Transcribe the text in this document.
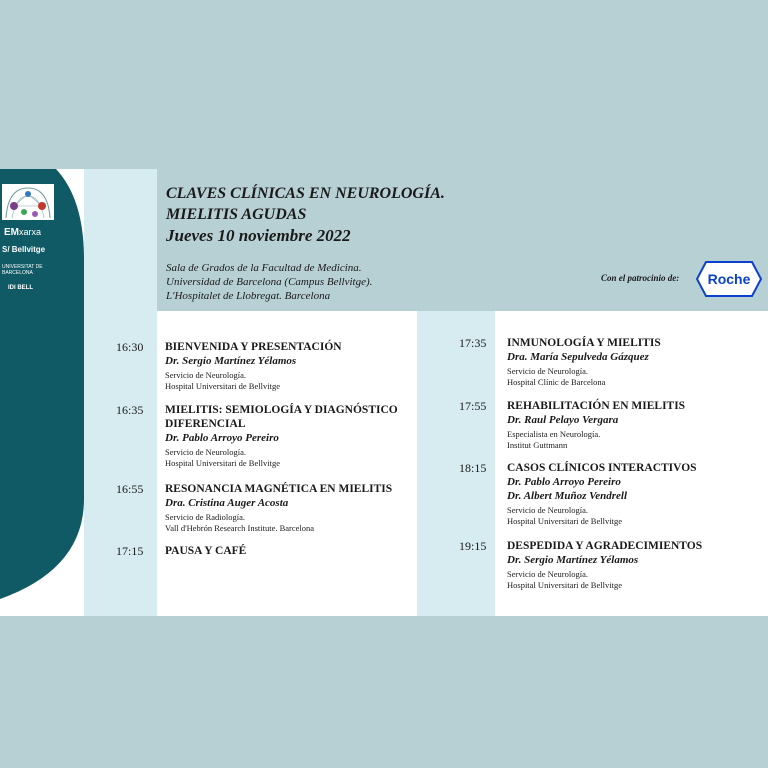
EMxarxa
S/ Bellvitge
UNIVERSITAT DE
BARCELONA
IDI BELL
CLAVES CLÍNICAS EN NEUROLOGÍA.
MIELITIS AGUDAS
Jueves 10 noviembre 2022
Sala de Grados de la Facultad de Medicina.
Universidad de Barcelona (Campus Bellvitge).
L'Hospitalet de Llobregat. Barcelona
Con el patrocinio de: Roche
16:30 BIENVENIDA Y PRESENTACIÓN
Dr. Sergio Martínez Yélamos
Servicio de Neurología.
Hospital Universitari de Bellvitge
16:35 MIELITIS: SEMIOLOGÍA Y DIAGNÓSTICO
DIFERENCIAL
Dr. Pablo Arroyo Pereiro
Servicio de Neurología.
Hospital Universitari de Bellvitge
16:55 RESONANCIA MAGNÉTICA EN MIELITIS
Dra. Cristina Auger Acosta
Servicio de Radiología.
Vall d'Hebrón Research Institute. Barcelona
17:15 PAUSA Y CAFÉ
17:35 INMUNOLOGÍA Y MIELITIS
Dra. María Sepulveda Gázquez
Servicio de Neurología.
Hospital Clínic de Barcelona
17:55 REHABILITACIÓN EN MIELITIS
Dr. Raul Pelayo Vergara
Especialista en Neurología.
Institut Guttmann
18:15 CASOS CLÍNICOS INTERACTIVOS
Dr. Pablo Arroyo Pereiro
Dr. Albert Muñoz Vendrell
Servicio de Neurología.
Hospital Universitari de Bellvitge
19:15 DESPEDIDA Y AGRADECIMIENTOS
Dr. Sergio Martínez Yélamos
Servicio de Neurología.
Hospital Universitari de Bellvitge
